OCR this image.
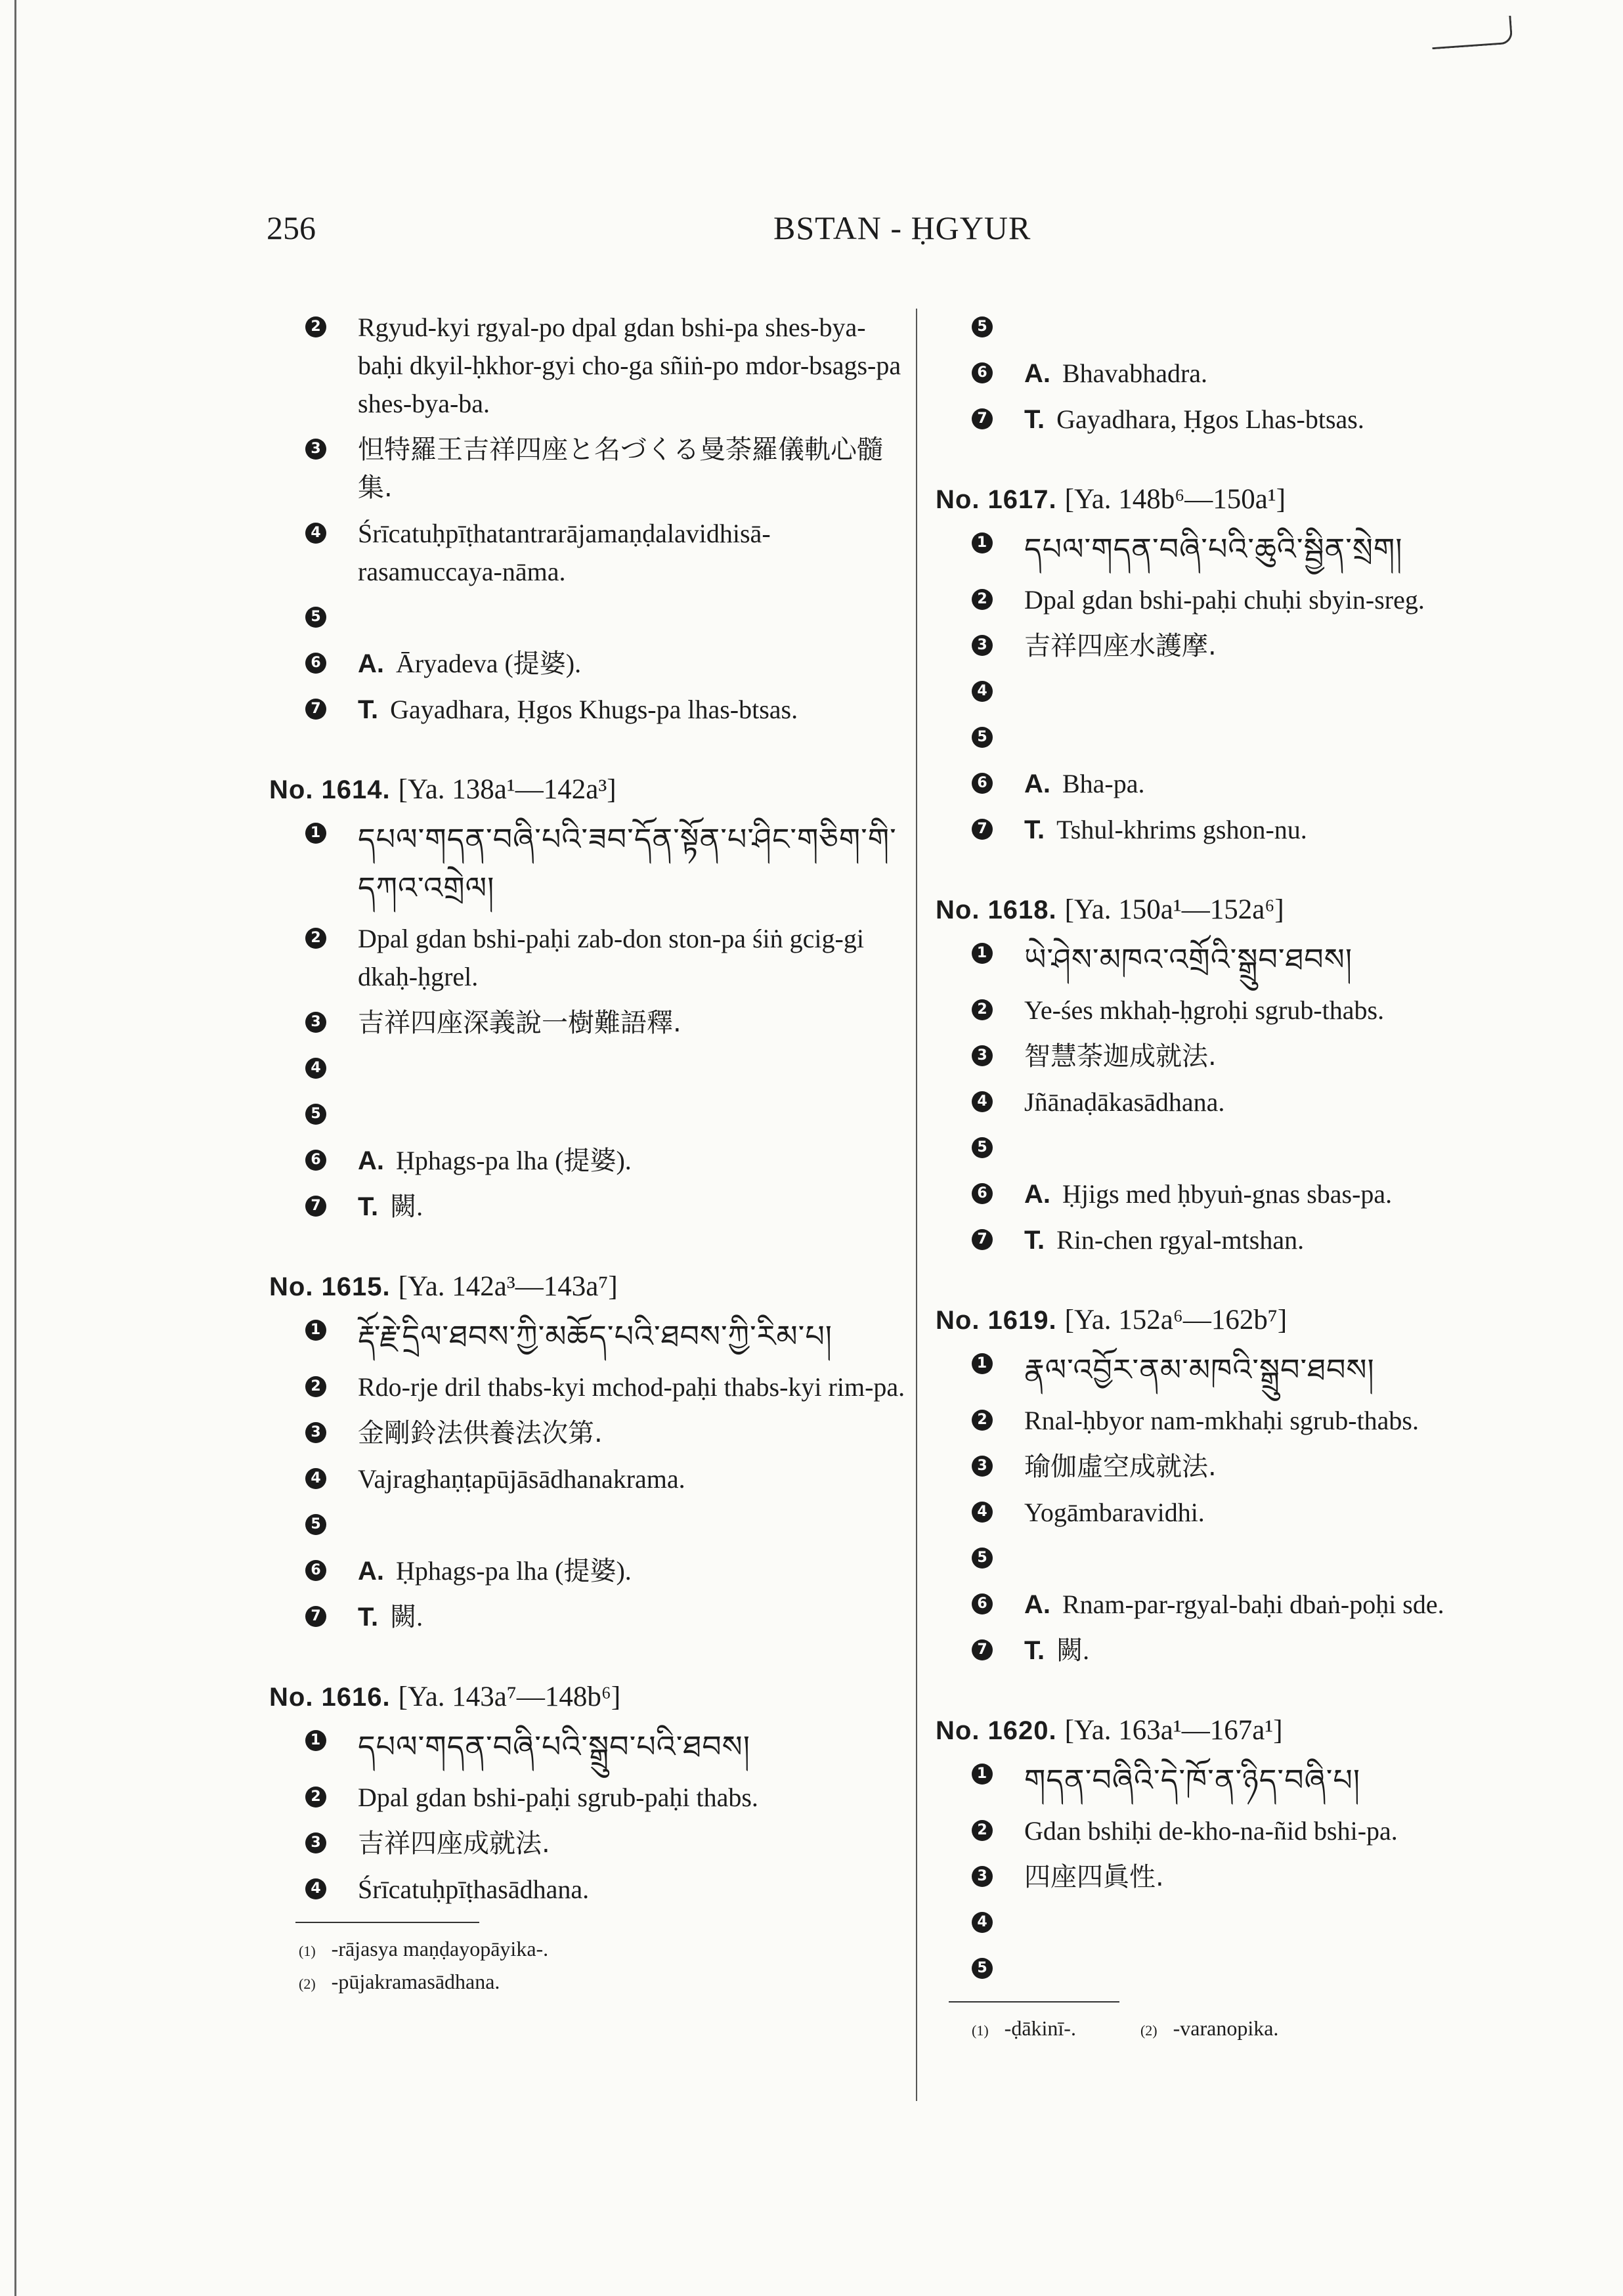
256	BSTAN - ḤGYUR
2 Rgyud-kyi rgyal-po dpal gdan bshi-pa shes-bya-baḥi dkyil-ḥkhor-gyi cho-ga sñiṅ-po mdor-bsags-pa shes-bya-ba.
3 怛特羅王吉祥四座と名づくる曼荼羅儀軌心髓集.
4 Śrīcatuḥpīṭhatantrarājamaṇḍalavidhisā-rasamuccaya-nāma.
5
6 A. Āryadeva (提婆).
7 T. Gayadhara, Ḥgos Khugs-pa lhas-btsas.
No. 1614. [Ya. 138a¹—142a³]
1 དཔལ་གདན་བཞི་པའི་ཟབ་དོན་སྟོན་པ་ཤིང་གཅིག་གི་དཀའ་འགྲེལ།
2 Dpal gdan bshi-paḥi zab-don ston-pa śiṅ gcig-gi dkaḥ-ḥgrel.
3 吉祥四座深義說一樹難語釋.
4
5
6 A. Ḥphags-pa lha (提婆).
7 T. 闕.
No. 1615. [Ya. 142a³—143a⁷]
1 རྡོ་རྗེ་དྲིལ་ཐབས་ཀྱི་མཆོད་པའི་ཐབས་ཀྱི་རིམ་པ།
2 Rdo-rje dril thabs-kyi mchod-paḥi thabs-kyi rim-pa.
3 金剛鈴法供養法次第.
4 Vajraghaṇṭapūjāsādhanakrama.
5
6 A. Ḥphags-pa lha (提婆).
7 T. 闕.
No. 1616. [Ya. 143a⁷—148b⁶]
1 དཔལ་གདན་བཞི་པའི་སྒྲུབ་པའི་ཐབས།
2 Dpal gdan bshi-paḥi sgrub-paḥi thabs.
3 吉祥四座成就法.
4 Śrīcatuḥpīṭhasādhana.
(1) -rājasya maṇḍayopāyika-.
(2) -pūjakramasādhana.
5
6 A. Bhavabhadra.
7 T. Gayadhara, Ḥgos Lhas-btsas.
No. 1617. [Ya. 148b⁶—150a¹]
1 དཔལ་གདན་བཞི་པའི་ཆུའི་སྦྱིན་སྲེག།
2 Dpal gdan bshi-paḥi chuḥi sbyin-sreg.
3 吉祥四座水護摩.
4
5
6 A. Bha-pa.
7 T. Tshul-khrims gshon-nu.
No. 1618. [Ya. 150a¹—152a⁶]
1 ཡེ་ཤེས་མཁའ་འགྲོའི་སྒྲུབ་ཐབས།
2 Ye-śes mkhaḥ-ḥgroḥi sgrub-thabs.
3 智慧荼迦成就法.
4 Jñānaḍākasādhana.
5
6 A. Ḥjigs med ḥbyuṅ-gnas sbas-pa.
7 T. Rin-chen rgyal-mtshan.
No. 1619. [Ya. 152a⁶—162b⁷]
1 རྣལ་འབྱོར་ནམ་མཁའི་སྒྲུབ་ཐབས།
2 Rnal-ḥbyor nam-mkhaḥi sgrub-thabs.
3 瑜伽虛空成就法.
4 Yogāmbaravidhi.
5
6 A. Rnam-par-rgyal-baḥi dbaṅ-poḥi sde.
7 T. 闕.
No. 1620. [Ya. 163a¹—167a¹]
1 གདན་བཞིའི་དེ་ཁོ་ན་ཉིད་བཞི་པ།
2 Gdan bshiḥi de-kho-na-ñid bshi-pa.
3 四座四眞性.
4
5
(1) -ḍākinī-.	(2) -varanopika.
